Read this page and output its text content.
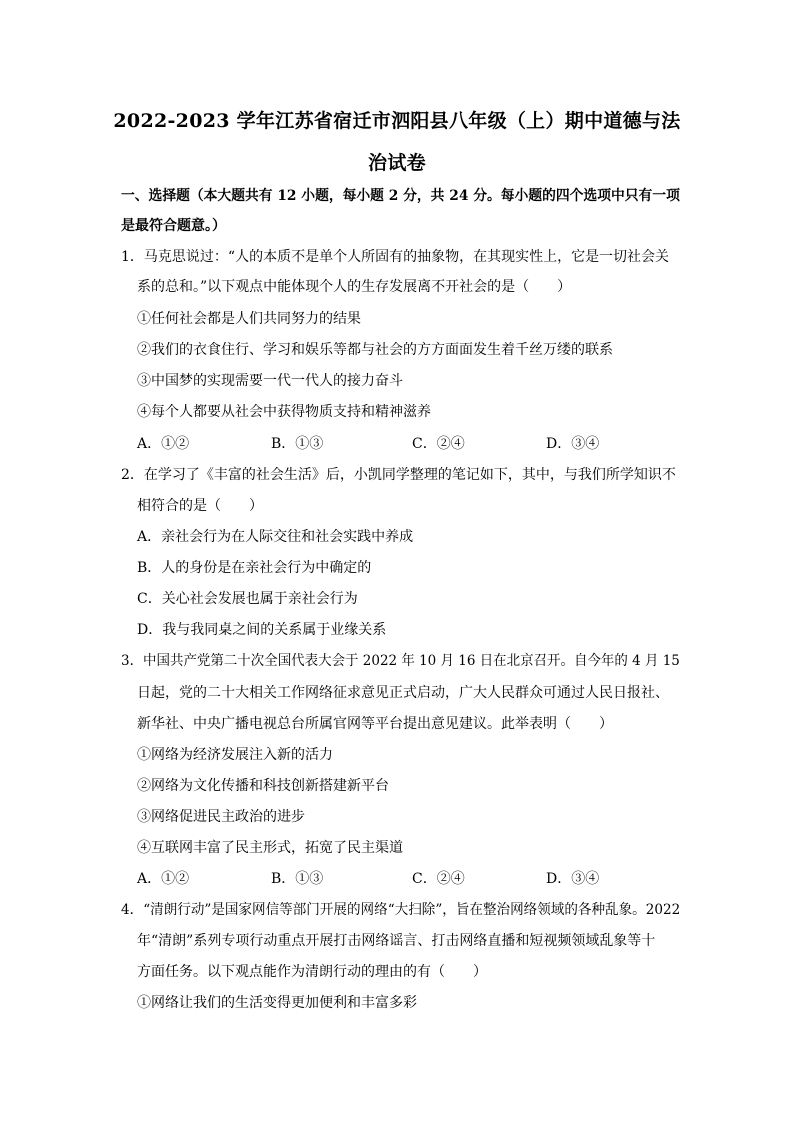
2022-2023 学年江苏省宿迁市泗阳县八年级（上）期中道德与法
治试卷
一、选择题（本大题共有 12 小题，每小题 2 分，共 24 分。每小题的四个选项中只有一项
是最符合题意。）
1．马克思说过：“人的本质不是单个人所固有的抽象物，在其现实性上，它是一切社会关
系的总和。”以下观点中能体现个人的生存发展离不开社会的是（　　）
①任何社会都是人们共同努力的结果
②我们的衣食住行、学习和娱乐等都与社会的方方面面发生着千丝万缕的联系
③中国梦的实现需要一代一代人的接力奋斗
④每个人都要从社会中获得物质支持和精神滋养
A．①②	B．①③	C．②④	D．③④
2．在学习了《丰富的社会生活》后，小凯同学整理的笔记如下，其中，与我们所学知识不
相符合的是（　　）
A．亲社会行为在人际交往和社会实践中养成
B．人的身份是在亲社会行为中确定的
C．关心社会发展也属于亲社会行为
D．我与我同桌之间的关系属于业缘关系
3．中国共产党第二十次全国代表大会于 2022 年 10 月 16 日在北京召开。自今年的 4 月 15
日起，党的二十大相关工作网络征求意见正式启动，广大人民群众可通过人民日报社、
新华社、中央广播电视总台所属官网等平台提出意见建议。此举表明（　　）
①网络为经济发展注入新的活力
②网络为文化传播和科技创新搭建新平台
③网络促进民主政治的进步
④互联网丰富了民主形式，拓宽了民主渠道
A．①②	B．①③	C．②④	D．③④
4．“清朗行动”是国家网信等部门开展的网络“大扫除”，旨在整治网络领域的各种乱象。2022
年“清朗”系列专项行动重点开展打击网络谣言、打击网络直播和短视频领域乱象等十
方面任务。以下观点能作为清朗行动的理由的有（　　）
①网络让我们的生活变得更加便利和丰富多彩
